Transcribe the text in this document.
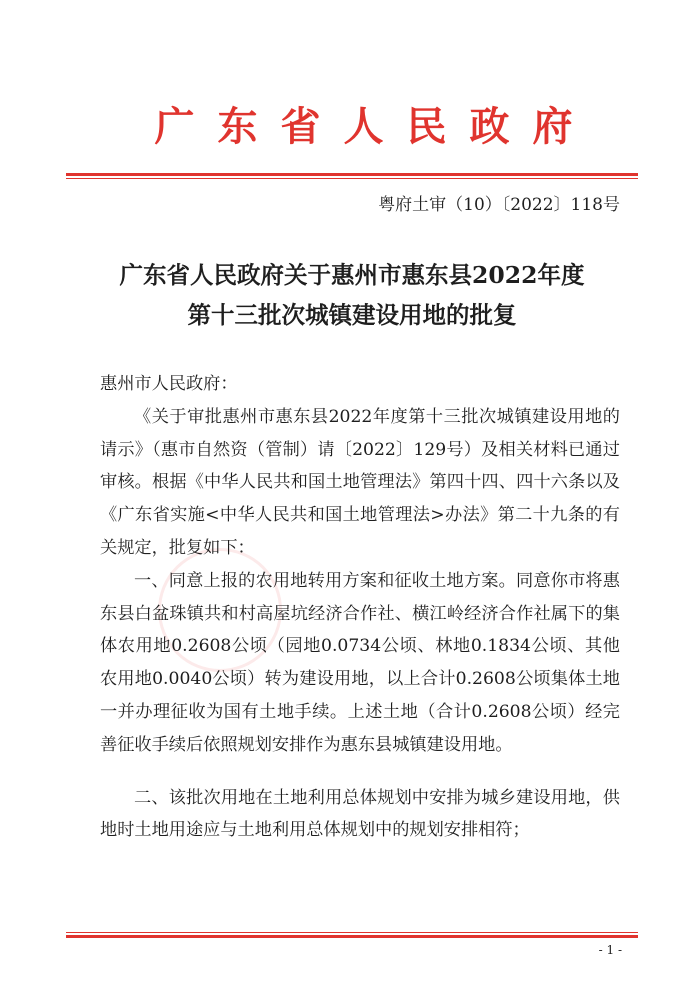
广东省人民政府
粤府土审（10）〔2022〕118号
广东省人民政府关于惠州市惠东县2022年度
第十三批次城镇建设用地的批复

惠州市人民政府：

《关于审批惠州市惠东县2022年度第十三批次城镇建设用地的请示》（惠市自然资（管制）请〔2022〕129号）及相关材料已通过审核。根据《中华人民共和国土地管理法》第四十四、四十六条以及《广东省实施<中华人民共和国土地管理法>办法》第二十九条的有关规定，批复如下：

一、同意上报的农用地转用方案和征收土地方案。同意你市将惠东县白盆珠镇共和村高屋坑经济合作社、横江岭经济合作社属下的集体农用地0.2608公顷（园地0.0734公顷、林地0.1834公顷、其他农用地0.0040公顷）转为建设用地，以上合计0.2608公顷集体土地一并办理征收为国有土地手续。上述土地（合计0.2608公顷）经完善征收手续后依照规划安排作为惠东县城镇建设用地。

二、该批次用地在土地利用总体规划中安排为城乡建设用地，供地时土地用途应与土地利用总体规划中的规划安排相符；

- 1 -
